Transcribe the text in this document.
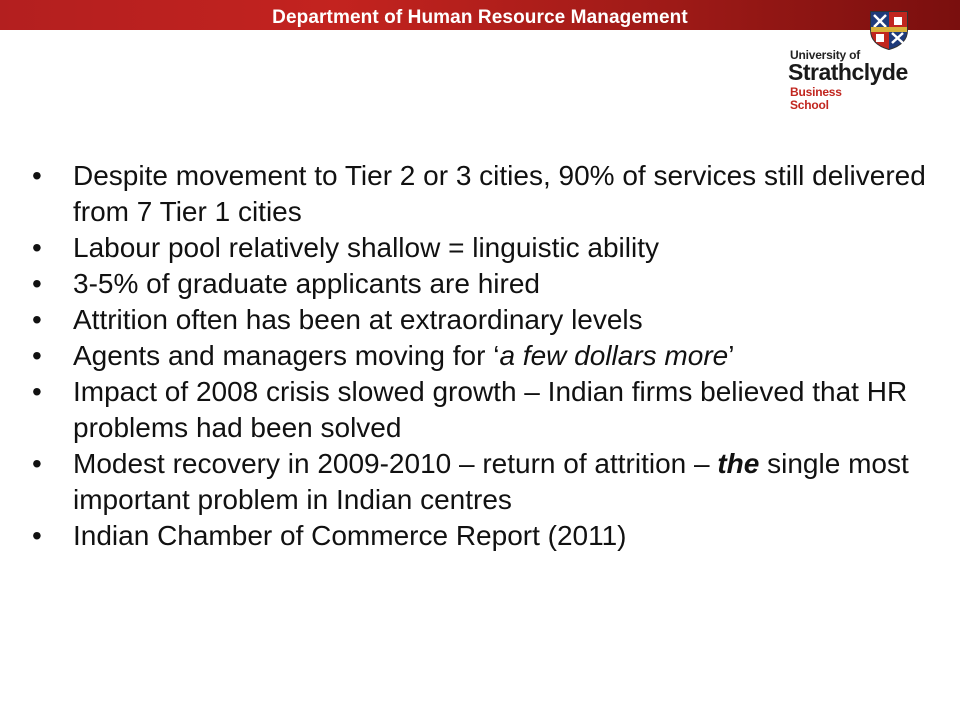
Department of Human Resource Management
University of
Strathclyde
Business
School
•	Despite movement to Tier 2 or 3 cities, 90% of services still delivered from 7 Tier 1 cities
•	Labour pool relatively shallow = linguistic ability
•	3-5% of graduate applicants are hired
•	Attrition often has been at extraordinary levels
•	Agents and managers moving for ‘a few dollars more’
•	Impact of 2008 crisis slowed growth – Indian firms believed that HR problems had been solved
•	Modest recovery in 2009-2010 – return of attrition – the single most important problem in Indian centres
•	Indian Chamber of Commerce Report (2011)
